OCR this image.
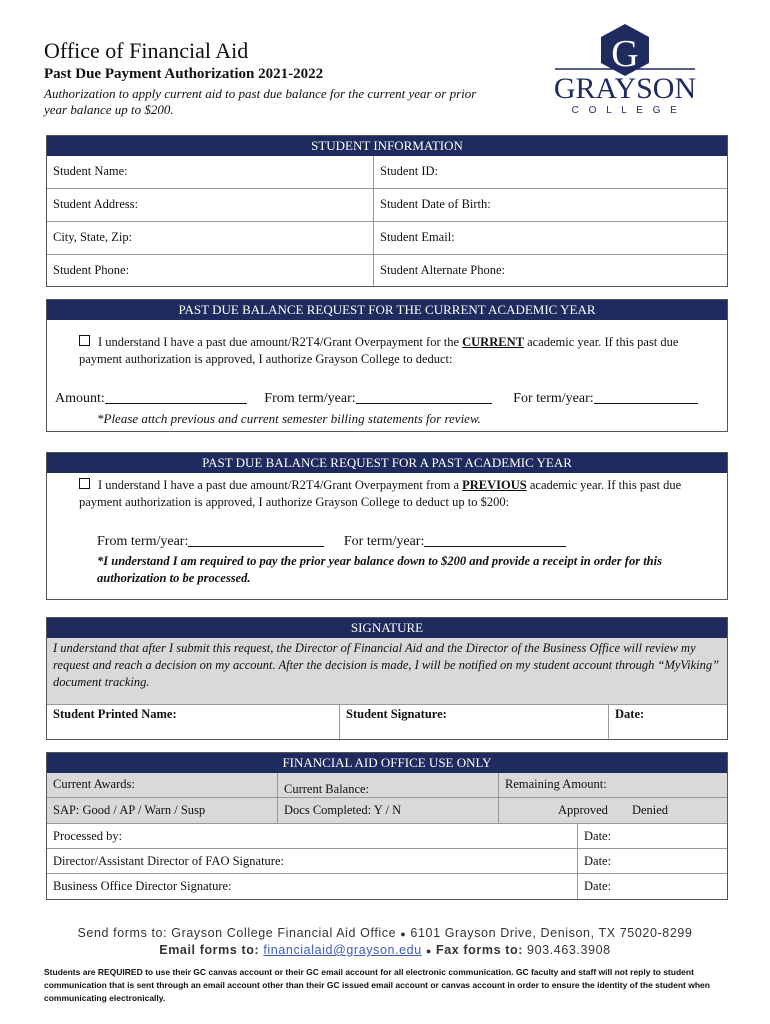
Office of Financial Aid
Past Due Payment Authorization 2021-2022
Authorization to apply current aid to past due balance for the current year or prior year balance up to $200.
G
GRAYSON
C O L L E G E
STUDENT INFORMATION
Student Name:	Student ID:
Student Address:	Student Date of Birth:
City, State, Zip:	Student Email:
Student Phone:	Student Alternate Phone:
PAST DUE BALANCE REQUEST FOR THE CURRENT ACADEMIC YEAR
I understand I have a past due amount/R2T4/Grant Overpayment for the CURRENT academic year. If this past due payment authorization is approved, I authorize Grayson College to deduct:
Amount:	From term/year:	For term/year:
*Please attch previous and current semester billing statements for review.
PAST DUE BALANCE REQUEST FOR A PAST ACADEMIC YEAR
I understand I have a past due amount/R2T4/Grant Overpayment from a PREVIOUS academic year. If this past due payment authorization is approved, I authorize Grayson College to deduct up to $200:
From term/year:	For term/year:
*I understand I am required to pay the prior year balance down to $200 and provide a receipt in order for this authorization to be processed.
SIGNATURE
I understand that after I submit this request, the Director of Financial Aid and the Director of the Business Office will review my request and reach a decision on my account. After the decision is made, I will be notified on my student account through “MyViking” document tracking.
Student Printed Name:	Student Signature:	Date:
FINANCIAL AID OFFICE USE ONLY
Current Awards:	Current Balance:	Remaining Amount:
SAP: Good / AP / Warn / Susp	Docs Completed: Y / N	Approved Denied
Processed by:	Date:
Director/Assistant Director of FAO Signature:	Date:
Business Office Director Signature:	Date:
Send forms to: Grayson College Financial Aid Office ● 6101 Grayson Drive, Denison, TX 75020-8299
Email forms to: financialaid@grayson.edu ● Fax forms to: 903.463.3908
Students are REQUIRED to use their GC canvas account or their GC email account for all electronic communication. GC faculty and staff will not reply to student communication that is sent through an email account other than their GC issued email account or canvas account in order to ensure the identity of the student when communicating electronically.
